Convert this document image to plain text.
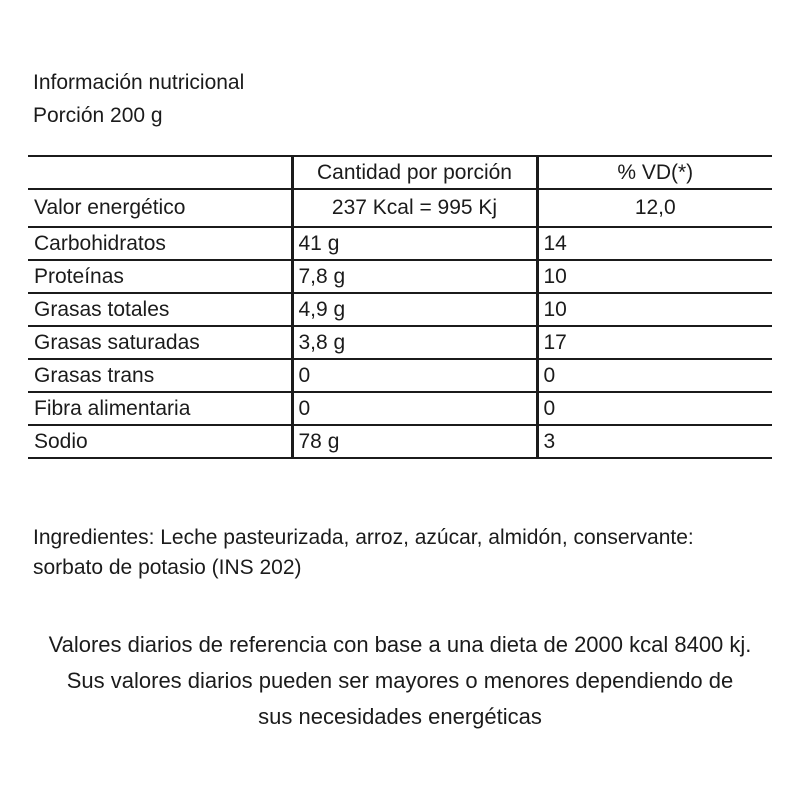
Información nutricional
Porción 200 g
	Cantidad por porción	% VD(*)
Valor energético	237 Kcal = 995 Kj	12,0
Carbohidratos	41 g	14
Proteínas	7,8 g	10
Grasas totales	4,9 g	10
Grasas saturadas	3,8 g	17
Grasas trans	0	0
Fibra alimentaria	0	0
Sodio	78 g	3

Ingredientes: Leche pasteurizada, arroz, azúcar, almidón, conservante: sorbato de potasio (INS 202)

Valores diarios de referencia con base a una dieta de 2000 kcal 8400 kj. Sus valores diarios pueden ser mayores o menores dependiendo de sus necesidades energéticas
